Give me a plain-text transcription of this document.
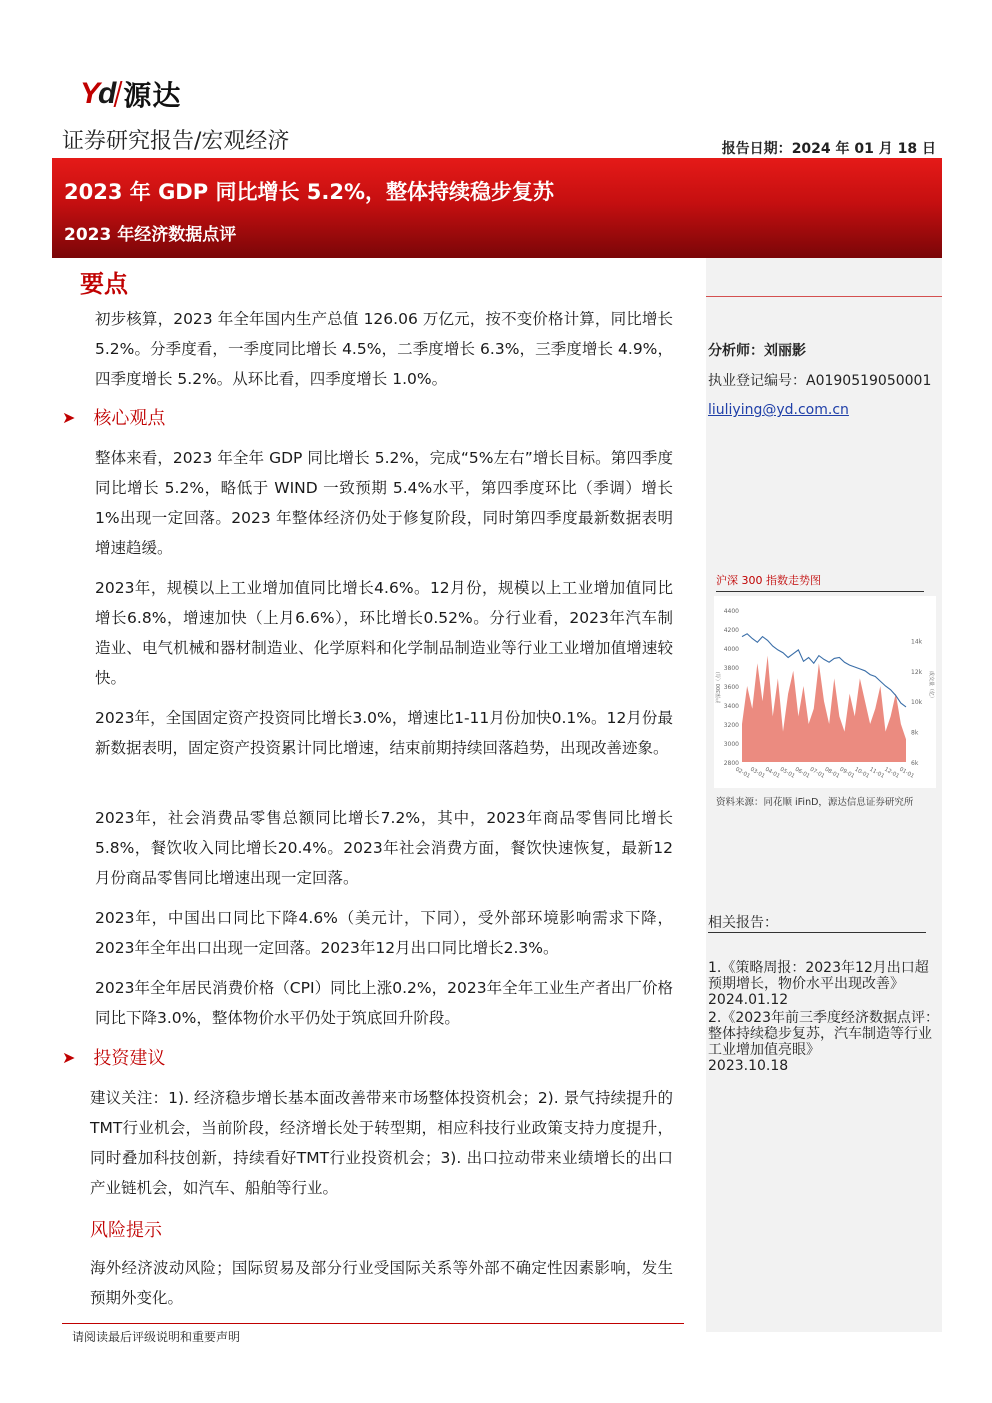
Yd 源达
证券研究报告/宏观经济	报告日期：2024 年 01 月 18 日
2023 年 GDP 同比增长 5.2%，整体持续稳步复苏
2023 年经济数据点评
要点
初步核算，2023 年全年国内生产总值 126.06 万亿元，按不变价格计算，同比增长 5.2%。分季度看，一季度同比增长 4.5%，二季度增长 6.3%，三季度增长 4.9%，四季度增长 5.2%。从环比看，四季度增长 1.0%。
➤ 核心观点
整体来看，2023 年全年 GDP 同比增长 5.2%，完成“5%左右”增长目标。第四季度同比增长 5.2%，略低于 WIND 一致预期 5.4%水平，第四季度环比（季调）增长 1%出现一定回落。2023 年整体经济仍处于修复阶段，同时第四季度最新数据表明增速趋缓。
2023年，规模以上工业增加值同比增长4.6%。12月份，规模以上工业增加值同比增长6.8%，增速加快（上月6.6%），环比增长0.52%。分行业看，2023年汽车制造业、电气机械和器材制造业、化学原料和化学制品制造业等行业工业增加值增速较快。
2023年，全国固定资产投资同比增长3.0%，增速比1-11月份加快0.1%。12月份最新数据表明，固定资产投资累计同比增速，结束前期持续回落趋势，出现改善迹象。
2023年，社会消费品零售总额同比增长7.2%，其中，2023年商品零售同比增长5.8%，餐饮收入同比增长20.4%。2023年社会消费方面，餐饮快速恢复，最新12月份商品零售同比增速出现一定回落。
2023年，中国出口同比下降4.6%（美元计，下同），受外部环境影响需求下降，2023年全年出口出现一定回落。2023年12月出口同比增长2.3%。
2023年全年居民消费价格（CPI）同比上涨0.2%，2023年全年工业生产者出厂价格同比下降3.0%，整体物价水平仍处于筑底回升阶段。
➤ 投资建议
建议关注：1). 经济稳步增长基本面改善带来市场整体投资机会；2). 景气持续提升的TMT行业机会，当前阶段，经济增长处于转型期，相应科技行业政策支持力度提升，同时叠加科技创新，持续看好TMT行业投资机会；3). 出口拉动带来业绩增长的出口产业链机会，如汽车、船舶等行业。
风险提示
海外经济波动风险；国际贸易及部分行业受国际关系等外部不确定性因素影响，发生预期外变化。
请阅读最后评级说明和重要声明
分析师：刘丽影
执业登记编号：A0190519050001
liuliying@yd.com.cn
沪深 300 指数走势图
4400
4200
4000
3800
3600
3400
3200
3000
2800
14k
12k
10k
8k
6k
沪深300（点）	成交量（亿）
02-01
03-01
04-01
05-01
06-01
07-01
08-01
09-01
10-01
11-01
12-01
01-01
资料来源：同花顺 iFinD，源达信息证券研究所
相关报告：
1.《策略周报：2023年12月出口超预期增长，物价水平出现改善》
2024.01.12
2.《2023年前三季度经济数据点评：整体持续稳步复苏，汽车制造等行业工业增加值亮眼》
2023.10.18
